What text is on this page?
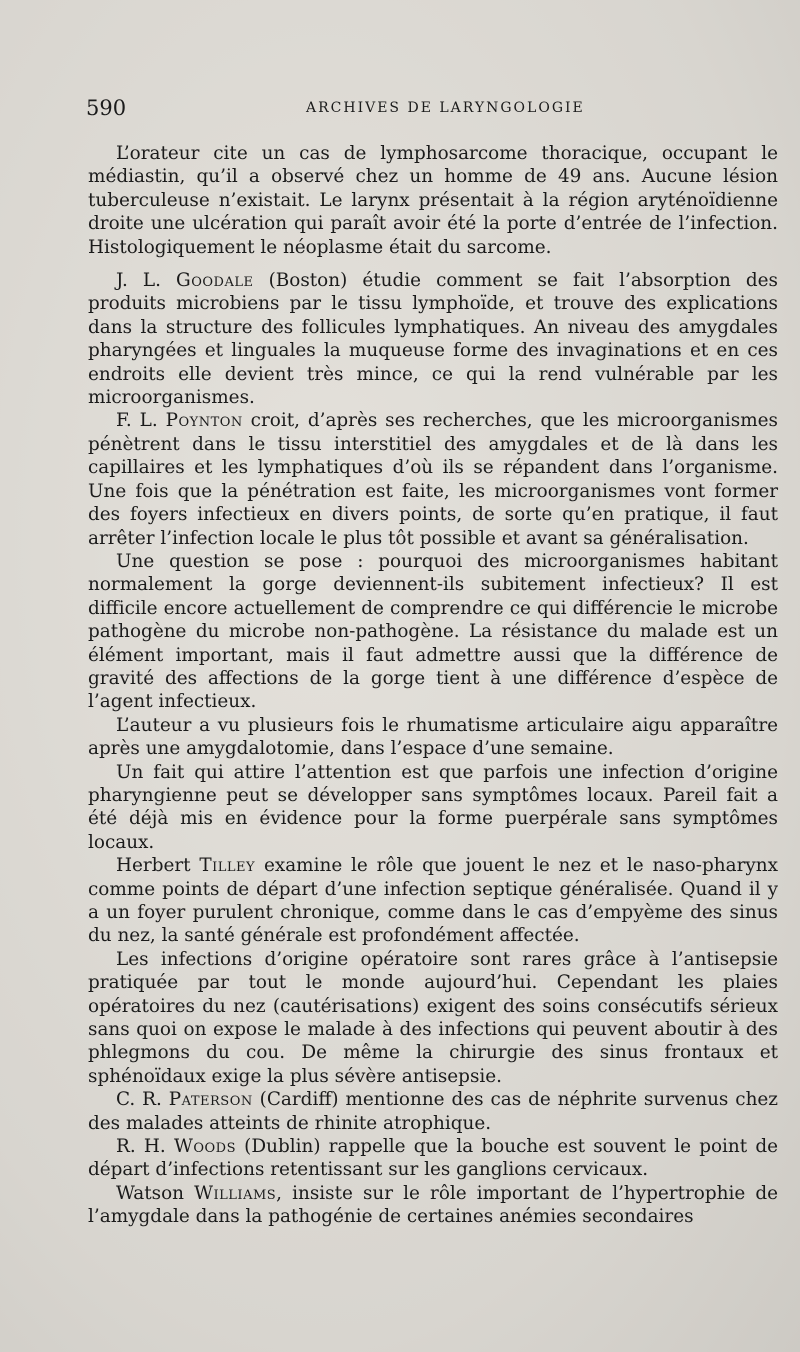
590	ARCHIVES DE LARYNGOLOGIE

L’orateur cite un cas de lymphosarcome thoracique, occupant le médiastin, qu’il a observé chez un homme de 49 ans. Aucune lésion tuberculeuse n’existait. Le larynx présentait à la région aryténoïdienne droite une ulcération qui paraît avoir été la porte d’entrée de l’infection. Histologiquement le néoplasme était du sarcome.

J. L. Goodale (Boston) étudie comment se fait l’absorption des produits microbiens par le tissu lymphoïde, et trouve des explications dans la structure des follicules lymphatiques. An niveau des amygdales pharyngées et linguales la muqueuse forme des invaginations et en ces endroits elle devient très mince, ce qui la rend vulnérable par les microorganismes.

F. L. Poynton croit, d’après ses recherches, que les microorganismes pénètrent dans le tissu interstitiel des amygdales et de là dans les capillaires et les lymphatiques d’où ils se répandent dans l’organisme. Une fois que la pénétration est faite, les microorganismes vont former des foyers infectieux en divers points, de sorte qu’en pratique, il faut arrêter l’infection locale le plus tôt possible et avant sa généralisation.

Une question se pose : pourquoi des microorganismes habitant normalement la gorge deviennent-ils subitement infectieux? Il est difficile encore actuellement de comprendre ce qui différencie le microbe pathogène du microbe non-pathogène. La résistance du malade est un élément important, mais il faut admettre aussi que la différence de gravité des affections de la gorge tient à une différence d’espèce de l’agent infectieux.

L’auteur a vu plusieurs fois le rhumatisme articulaire aigu apparaître après une amygdalotomie, dans l’espace d’une semaine.

Un fait qui attire l’attention est que parfois une infection d’origine pharyngienne peut se développer sans symptômes locaux. Pareil fait a été déjà mis en évidence pour la forme puerpérale sans symptômes locaux.

Herbert Tilley examine le rôle que jouent le nez et le naso-pharynx comme points de départ d’une infection septique généralisée. Quand il y a un foyer purulent chronique, comme dans le cas d’empyème des sinus du nez, la santé générale est profondément affectée.

Les infections d’origine opératoire sont rares grâce à l’antisepsie pratiquée par tout le monde aujourd’hui. Cependant les plaies opératoires du nez (cautérisations) exigent des soins consécutifs sérieux sans quoi on expose le malade à des infections qui peuvent aboutir à des phlegmons du cou. De même la chirurgie des sinus frontaux et sphénoïdaux exige la plus sévère antisepsie.

C. R. Paterson (Cardiff) mentionne des cas de néphrite survenus chez des malades atteints de rhinite atrophique.

R. H. Woods (Dublin) rappelle que la bouche est souvent le point de départ d’infections retentissant sur les ganglions cervicaux.

Watson Williams, insiste sur le rôle important de l’hypertrophie de l’amygdale dans la pathogénie de certaines anémies secondaires
